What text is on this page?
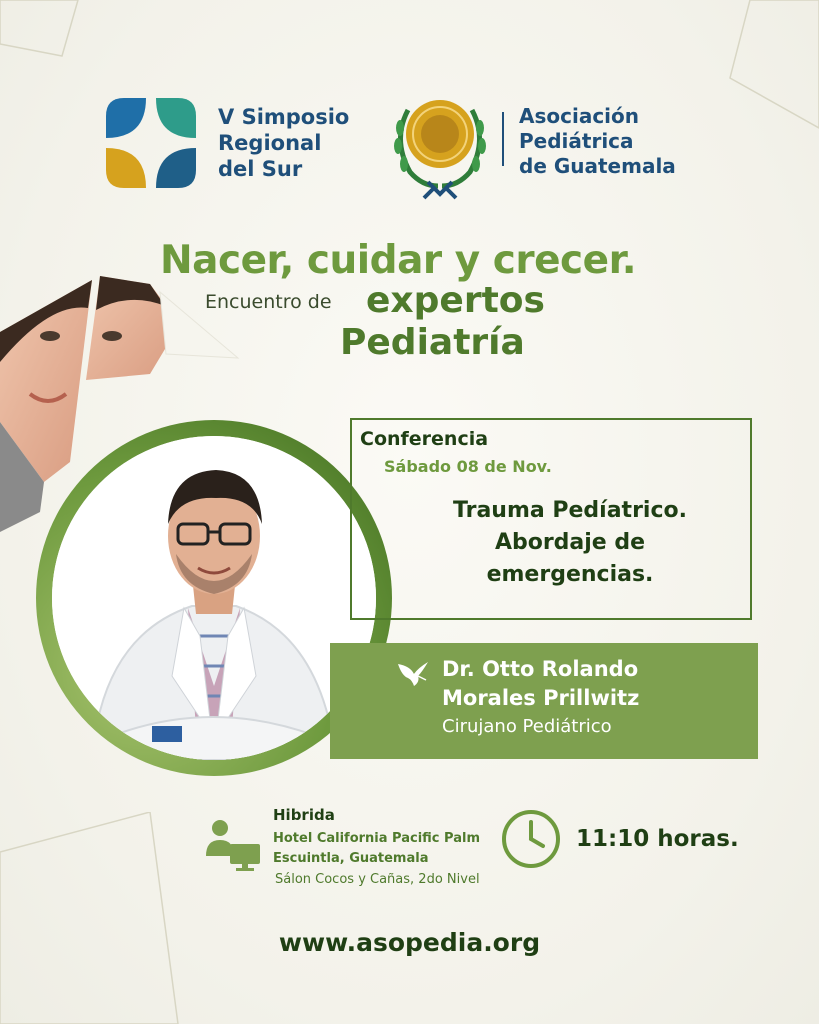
V Simposio
Regional
del Sur
Asociación
Pediátrica
de Guatemala
Nacer, cuidar y crecer.
Encuentro de expertos
Pediatría
Conferencia
Sábado 08 de Nov.
Trauma Pedíatrico.
Abordaje de
emergencias.
Dr. Otto Rolando
Morales Prillwitz
Cirujano Pediátrico
Hibrida
Hotel California Pacific Palm
Escuintla, Guatemala
Sálon Cocos y Cañas, 2do Nivel
11:10 horas.
www.asopedia.org
